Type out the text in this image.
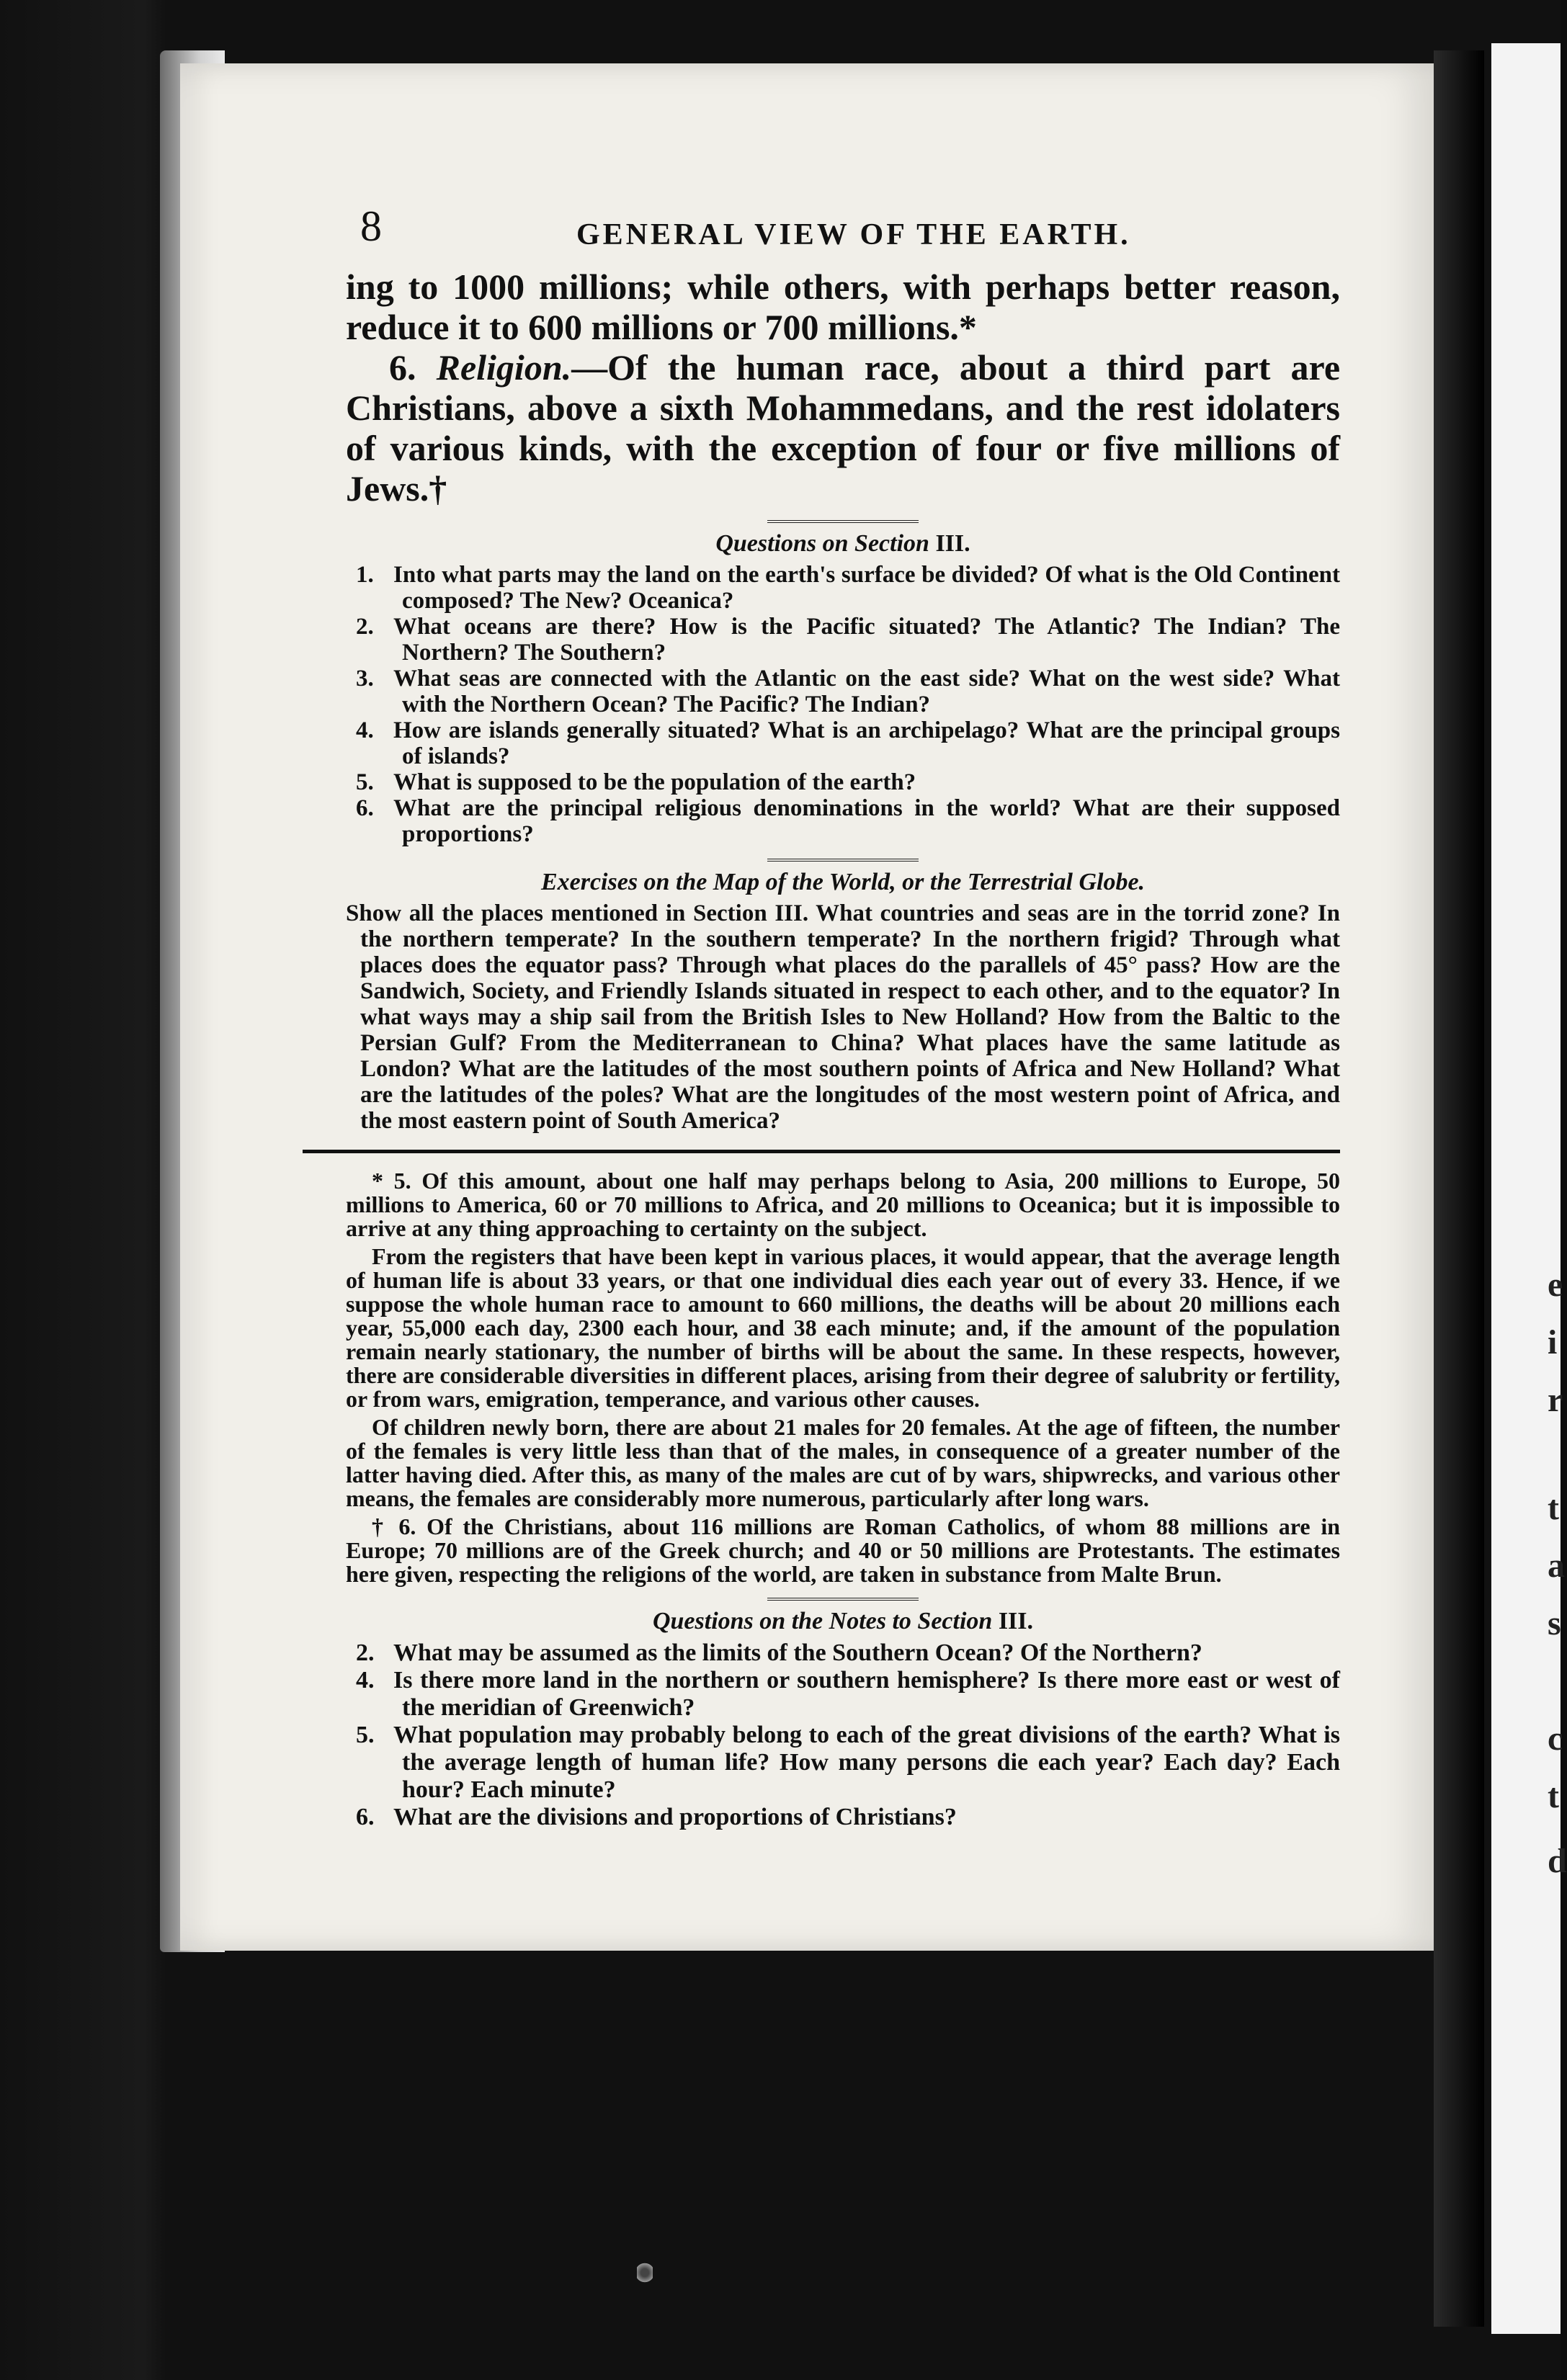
e
i
r
t
a
s
c
t
d
8	GENERAL VIEW OF THE EARTH.

ing to 1000 millions; while others, with perhaps better reason, reduce it to 600 millions or 700 millions.*

6. Religion.—Of the human race, about a third part are Christians, above a sixth Mohammedans, and the rest idolaters of various kinds, with the exception of four or five millions of Jews.†

Questions on Section III.
1. Into what parts may the land on the earth's surface be divided? Of what is the Old Continent composed? The New? Oceanica?
2. What oceans are there? How is the Pacific situated? The Atlantic? The Indian? The Northern? The Southern?
3. What seas are connected with the Atlantic on the east side? What on the west side? What with the Northern Ocean? The Pacific? The Indian?
4. How are islands generally situated? What is an archipelago? What are the principal groups of islands?
5. What is supposed to be the population of the earth?
6. What are the principal religious denominations in the world? What are their supposed proportions?
Exercises on the Map of the World, or the Terrestrial Globe.

Show all the places mentioned in Section III. What countries and seas are in the torrid zone? In the northern temperate? In the southern temperate? In the northern frigid? Through what places does the equator pass? Through what places do the parallels of 45° pass? How are the Sandwich, Society, and Friendly Islands situated in respect to each other, and to the equator? In what ways may a ship sail from the British Isles to New Holland? How from the Baltic to the Persian Gulf? From the Mediterranean to China? What places have the same latitude as London? What are the latitudes of the most southern points of Africa and New Holland? What are the latitudes of the poles? What are the longitudes of the most western point of Africa, and the most eastern point of South America?

* 5. Of this amount, about one half may perhaps belong to Asia, 200 millions to Europe, 50 millions to America, 60 or 70 millions to Africa, and 20 millions to Oceanica; but it is impossible to arrive at any thing approaching to certainty on the subject.

From the registers that have been kept in various places, it would appear, that the average length of human life is about 33 years, or that one individual dies each year out of every 33. Hence, if we suppose the whole human race to amount to 660 millions, the deaths will be about 20 millions each year, 55,000 each day, 2300 each hour, and 38 each minute; and, if the amount of the population remain nearly stationary, the number of births will be about the same. In these respects, however, there are considerable diversities in different places, arising from their degree of salubrity or fertility, or from wars, emigration, temperance, and various other causes.

Of children newly born, there are about 21 males for 20 females. At the age of fifteen, the number of the females is very little less than that of the males, in consequence of a greater number of the latter having died. After this, as many of the males are cut of by wars, shipwrecks, and various other means, the females are considerably more numerous, particularly after long wars.

† 6. Of the Christians, about 116 millions are Roman Catholics, of whom 88 millions are in Europe; 70 millions are of the Greek church; and 40 or 50 millions are Protestants. The estimates here given, respecting the religions of the world, are taken in substance from Malte Brun.

Questions on the Notes to Section III.
2. What may be assumed as the limits of the Southern Ocean? Of the Northern?
4. Is there more land in the northern or southern hemisphere? Is there more east or west of the meridian of Greenwich?
5. What population may probably belong to each of the great divisions of the earth? What is the average length of human life? How many persons die each year? Each day? Each hour? Each minute?
6. What are the divisions and proportions of Christians?
